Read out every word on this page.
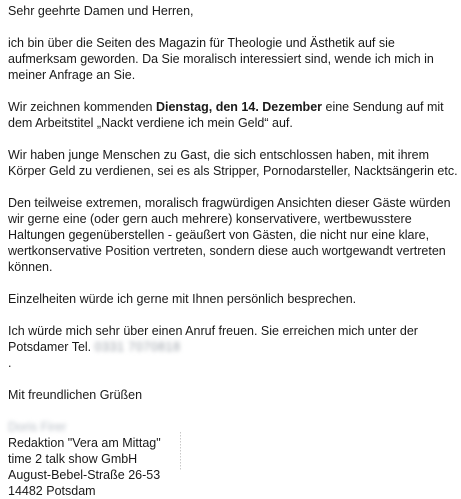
Sehr geehrte Damen und Herren,
ich bin über die Seiten des Magazin für Theologie und Ästhetik auf sie
aufmerksam geworden. Da Sie moralisch interessiert sind, wende ich mich in
meiner Anfrage an Sie.
Wir zeichnen kommenden Dienstag, den 14. Dezember eine Sendung auf mit
dem Arbeitstitel „Nackt verdiene ich mein Geld“ auf.
Wir haben junge Menschen zu Gast, die sich entschlossen haben, mit ihrem
Körper Geld zu verdienen, sei es als Stripper, Pornodarsteller, Nacktsängerin etc.
Den teilweise extremen, moralisch fragwürdigen Ansichten dieser Gäste würden
wir gerne eine (oder gern auch mehrere) konservativere, wertbewusstere
Haltungen gegenüberstellen - geäußert von Gästen, die nicht nur eine klare,
wertkonservative Position vertreten, sondern diese auch wortgewandt vertreten
können.
Einzelheiten würde ich gerne mit Ihnen persönlich besprechen.
Ich würde mich sehr über einen Anruf freuen. Sie erreichen mich unter der
Potsdamer Tel. 0331 7070818
.
Mit freundlichen Grüßen
Doris Firer
Redaktion "Vera am Mittag"
time 2 talk show GmbH
August-Bebel-Straße 26-53
14482 Potsdam
